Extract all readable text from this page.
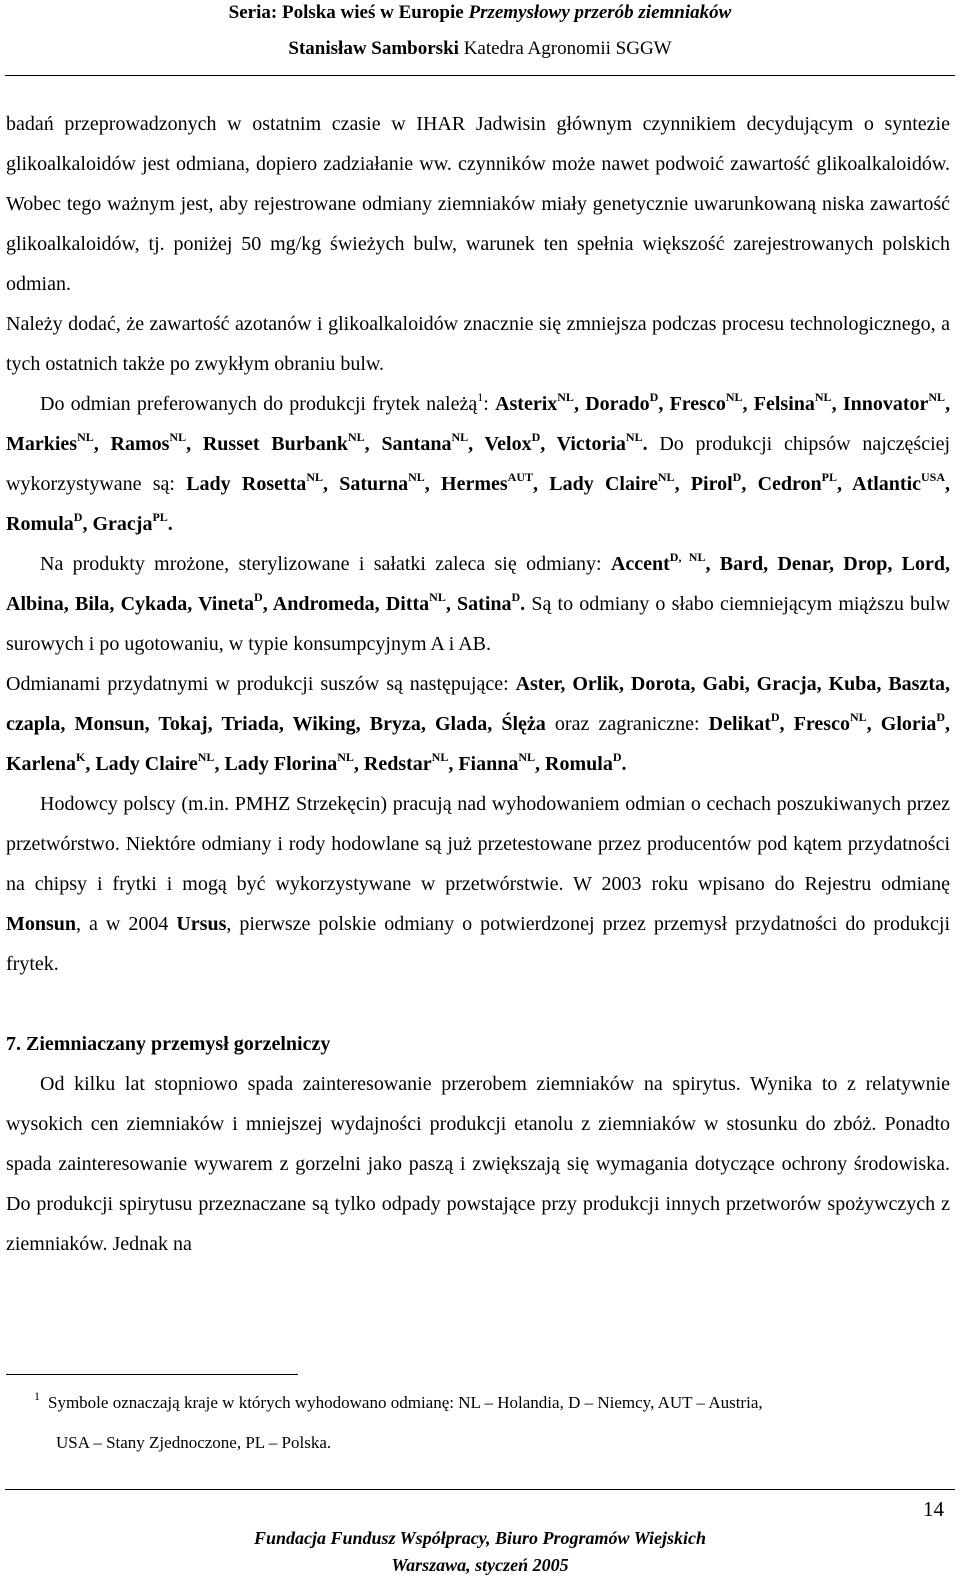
Seria: Polska wieś w Europie Przemysłowy przerób ziemniaków
Stanisław Samborski Katedra Agronomii SGGW

badań przeprowadzonych w ostatnim czasie w IHAR Jadwisin głównym czynnikiem decydującym o syntezie glikoalkaloidów jest odmiana, dopiero zadziałanie ww. czynników może nawet podwoić zawartość glikoalkaloidów. Wobec tego ważnym jest, aby rejestrowane odmiany ziemniaków miały genetycznie uwarunkowaną niska zawartość glikoalkaloidów, tj. poniżej 50 mg/kg świeżych bulw, warunek ten spełnia większość zarejestrowanych polskich odmian.

Należy dodać, że zawartość azotanów i glikoalkaloidów znacznie się zmniejsza podczas procesu technologicznego, a tych ostatnich także po zwykłym obraniu bulw.

Do odmian preferowanych do produkcji frytek należą$^1$: Asterix$^{NL}$, Dorado$^D$, Fresco$^{NL}$, Felsina$^{NL}$, Innovator$^{NL}$, Markies$^{NL}$, Ramos$^{NL}$, Russet Burbank$^{NL}$, Santana$^{NL}$, Velox$^D$, Victoria$^{NL}$. Do produkcji chipsów najczęściej wykorzystywane są: Lady Rosetta$^{NL}$, Saturna$^{NL}$, Hermes$^{AUT}$, Lady Claire$^{NL}$, Pirol$^D$, Cedron$^{PL}$, Atlantic$^{USA}$, Romula$^D$, Gracja$^{PL}$.

Na produkty mrożone, sterylizowane i sałatki zaleca się odmiany: Accent$^{D, NL}$, Bard, Denar, Drop, Lord, Albina, Bila, Cykada, Vineta$^D$, Andromeda, Ditta$^{NL}$, Satina$^D$. Są to odmiany o słabo ciemniejącym miąższu bulw surowych i po ugotowaniu, w typie konsumpcyjnym A i AB.

Odmianami przydatnymi w produkcji suszów są następujące: Aster, Orlik, Dorota, Gabi, Gracja, Kuba, Baszta, czapla, Monsun, Tokaj, Triada, Wiking, Bryza, Glada, Ślęża oraz zagraniczne: Delikat$^D$, Fresco$^{NL}$, Gloria$^D$, Karlena$^K$, Lady Claire$^{NL}$, Lady Florina$^{NL}$, Redstar$^{NL}$, Fianna$^{NL}$, Romula$^D$.

Hodowcy polscy (m.in. PMHZ Strzekęcin) pracują nad wyhodowaniem odmian o cechach poszukiwanych przez przetwórstwo. Niektóre odmiany i rody hodowlane są już przetestowane przez producentów pod kątem przydatności na chipsy i frytki i mogą być wykorzystywane w przetwórstwie. W 2003 roku wpisano do Rejestru odmianę Monsun, a w 2004 Ursus, pierwsze polskie odmiany o potwierdzonej przez przemysł przydatności do produkcji frytek.

7. Ziemniaczany przemysł gorzelniczy

Od kilku lat stopniowo spada zainteresowanie przerobem ziemniaków na spirytus. Wynika to z relatywnie wysokich cen ziemniaków i mniejszej wydajności produkcji etanolu z ziemniaków w stosunku do zbóż. Ponadto spada zainteresowanie wywarem z gorzelni jako paszą i zwiększają się wymagania dotyczące ochrony środowiska. Do produkcji spirytusu przeznaczane są tylko odpady powstające przy produkcji innych przetworów spożywczych z ziemniaków. Jednak na

$^1$ Symbole oznaczają kraje w których wyhodowano odmianę: NL – Holandia, D – Niemcy, AUT – Austria,
USA – Stany Zjednoczone, PL – Polska.
14
Fundacja Fundusz Współpracy, Biuro Programów Wiejskich
Warszawa, styczeń 2005
